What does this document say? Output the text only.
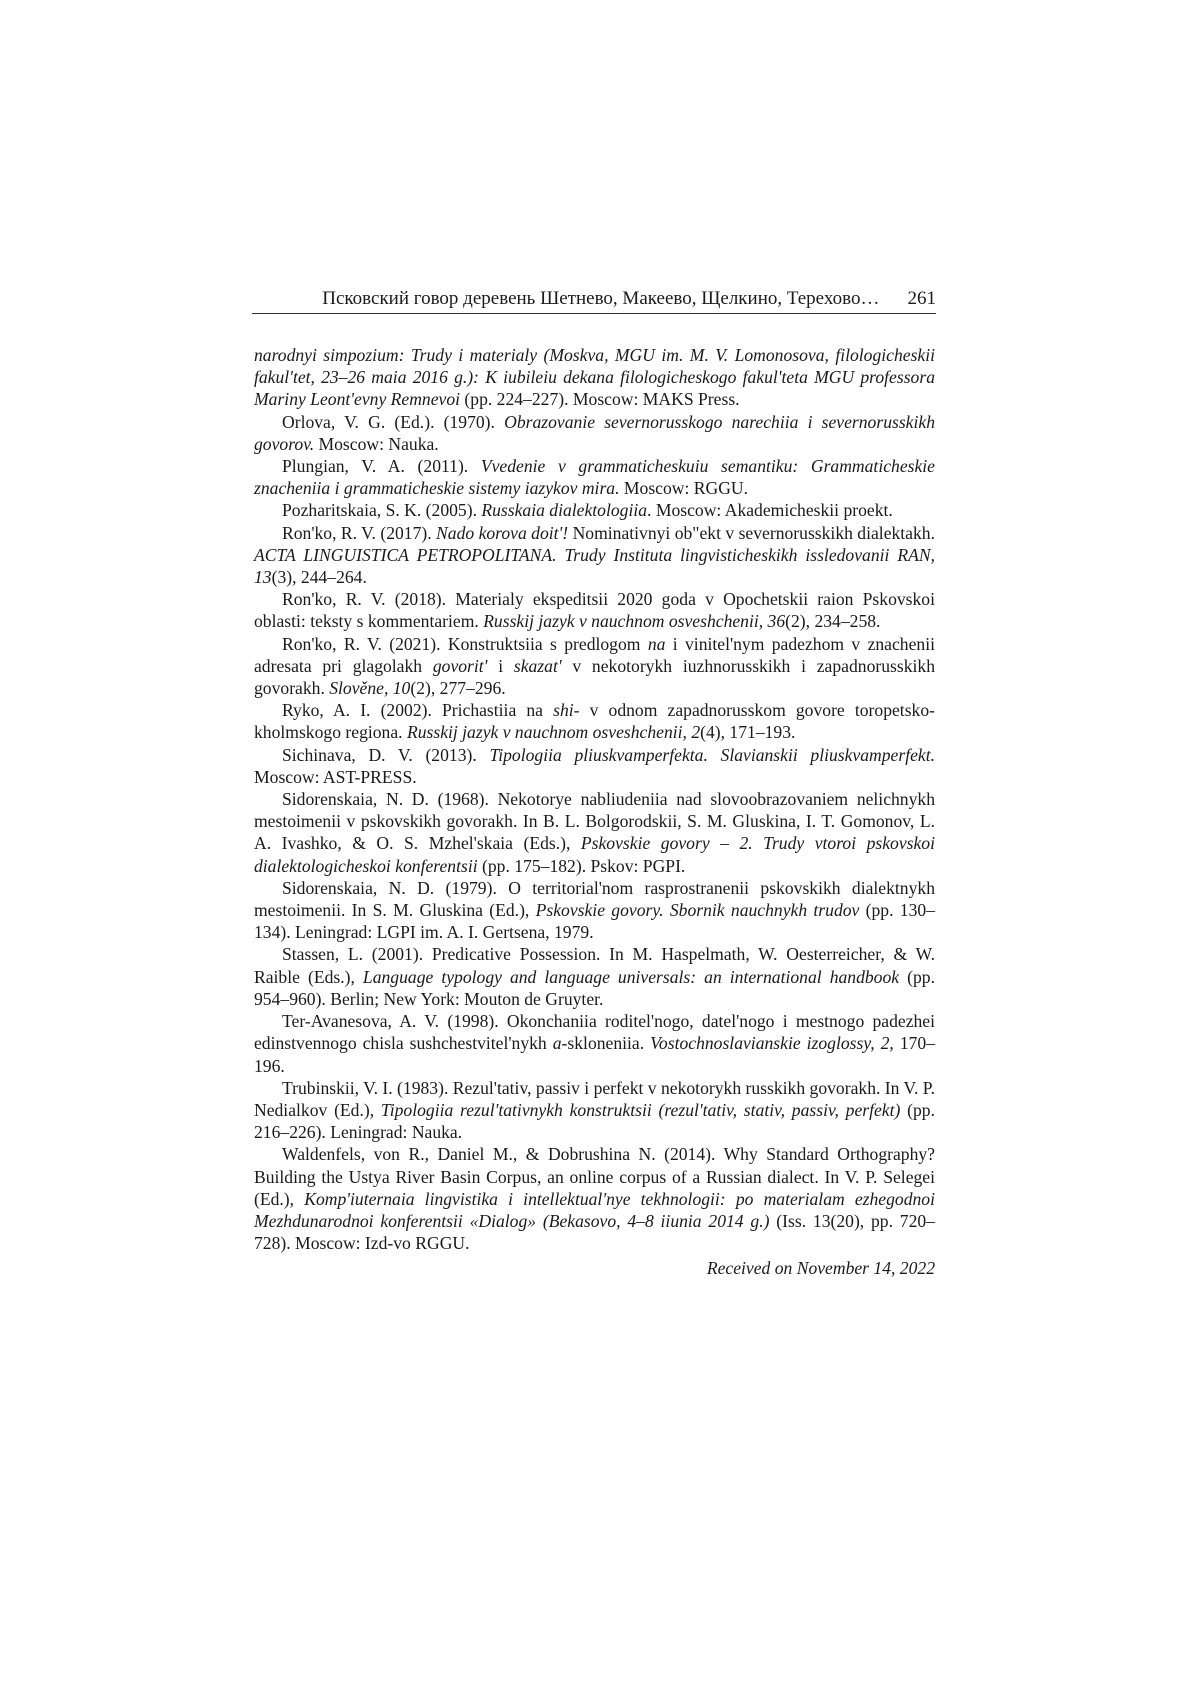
Псковский говор деревень Шетнево, Макеево, Щелкино, Терехово…	261

narodnyi simpozium: Trudy i materialy (Moskva, MGU im. M. V. Lomonosova, filologicheskii fakul'tet, 23–26 maia 2016 g.): K iubileiu dekana filologicheskogo fakul'teta MGU professora Mariny Leont'evny Remnevoi (pp. 224–227). Moscow: MAKS Press.

Orlova, V. G. (Ed.). (1970). Obrazovanie severnorusskogo narechiia i severnorusskikh govorov. Moscow: Nauka.

Plungian, V. A. (2011). Vvedenie v grammaticheskuiu semantiku: Grammaticheskie znacheniia i grammaticheskie sistemy iazykov mira. Moscow: RGGU.

Pozharitskaia, S. K. (2005). Russkaia dialektologiia. Moscow: Akademicheskii proekt.

Ron'ko, R. V. (2017). Nado korova doit'! Nominativnyi ob"ekt v severnorusskikh dialektakh. ACTA LINGUISTICA PETROPOLITANA. Trudy Instituta lingvisticheskikh issledovanii RAN, 13(3), 244–264.

Ron'ko, R. V. (2018). Materialy ekspeditsii 2020 goda v Opochetskii raion Pskovskoi oblasti: teksty s kommentariem. Russkij jazyk v nauchnom osveshchenii, 36(2), 234–258.

Ron'ko, R. V. (2021). Konstruktsiia s predlogom na i vinitel'nym padezhom v znachenii adresata pri glagolakh govorit' i skazat' v nekotorykh iuzhnorusskikh i zapadnorusskikh govorakh. Slověne, 10(2), 277–296.

Ryko, A. I. (2002). Prichastiia na shi- v odnom zapadnorusskom govore toropetskokholmskogo regiona. Russkij jazyk v nauchnom osveshchenii, 2(4), 171–193.

Sichinava, D. V. (2013). Tipologiia pliuskvamperfekta. Slavianskii pliuskvamperfekt. Moscow: AST-PRESS.

Sidorenskaia, N. D. (1968). Nekotorye nabliudeniia nad slovoobrazovaniem nelichnykh mestoimenii v pskovskikh govorakh. In B. L. Bolgorodskii, S. M. Gluskina, I. T. Gomonov, L. A. Ivashko, & O. S. Mzhel'skaia (Eds.), Pskovskie govory – 2. Trudy vtoroi pskovskoi dialektologicheskoi konferentsii (pp. 175–182). Pskov: PGPI.

Sidorenskaia, N. D. (1979). O territorial'nom rasprostranenii pskovskikh dialektnykh mestoimenii. In S. M. Gluskina (Ed.), Pskovskie govory. Sbornik nauchnykh trudov (pp. 130–134). Leningrad: LGPI im. A. I. Gertsena, 1979.

Stassen, L. (2001). Predicative Possession. In M. Haspelmath, W. Oesterreicher, & W. Raible (Eds.), Language typology and language universals: an international handbook (pp. 954–960). Berlin; New York: Mouton de Gruyter.

Ter-Avanesova, A. V. (1998). Okonchaniia roditel'nogo, datel'nogo i mestnogo padezhei edinstvennogo chisla sushchestvitel'nykh a-skloneniia. Vostochnoslavianskie izoglossy, 2, 170–196.

Trubinskii, V. I. (1983). Rezul'tativ, passiv i perfekt v nekotorykh russkikh govorakh. In V. P. Nedialkov (Ed.), Tipologiia rezul'tativnykh konstruktsii (rezul'tativ, stativ, passiv, perfekt) (pp. 216–226). Leningrad: Nauka.

Waldenfels, von R., Daniel M., & Dobrushina N. (2014). Why Standard Orthography? Building the Ustya River Basin Corpus, an online corpus of a Russian dialect. In V. P. Selegei (Ed.), Komp'iuternaia lingvistika i intellektual'nye tekhnologii: po materialam ezhegodnoi Mezhdunarodnoi konferentsii «Dialog» (Bekasovo, 4–8 iiunia 2014 g.) (Iss. 13(20), pp. 720–728). Moscow: Izd-vo RGGU.

Received on November 14, 2022
